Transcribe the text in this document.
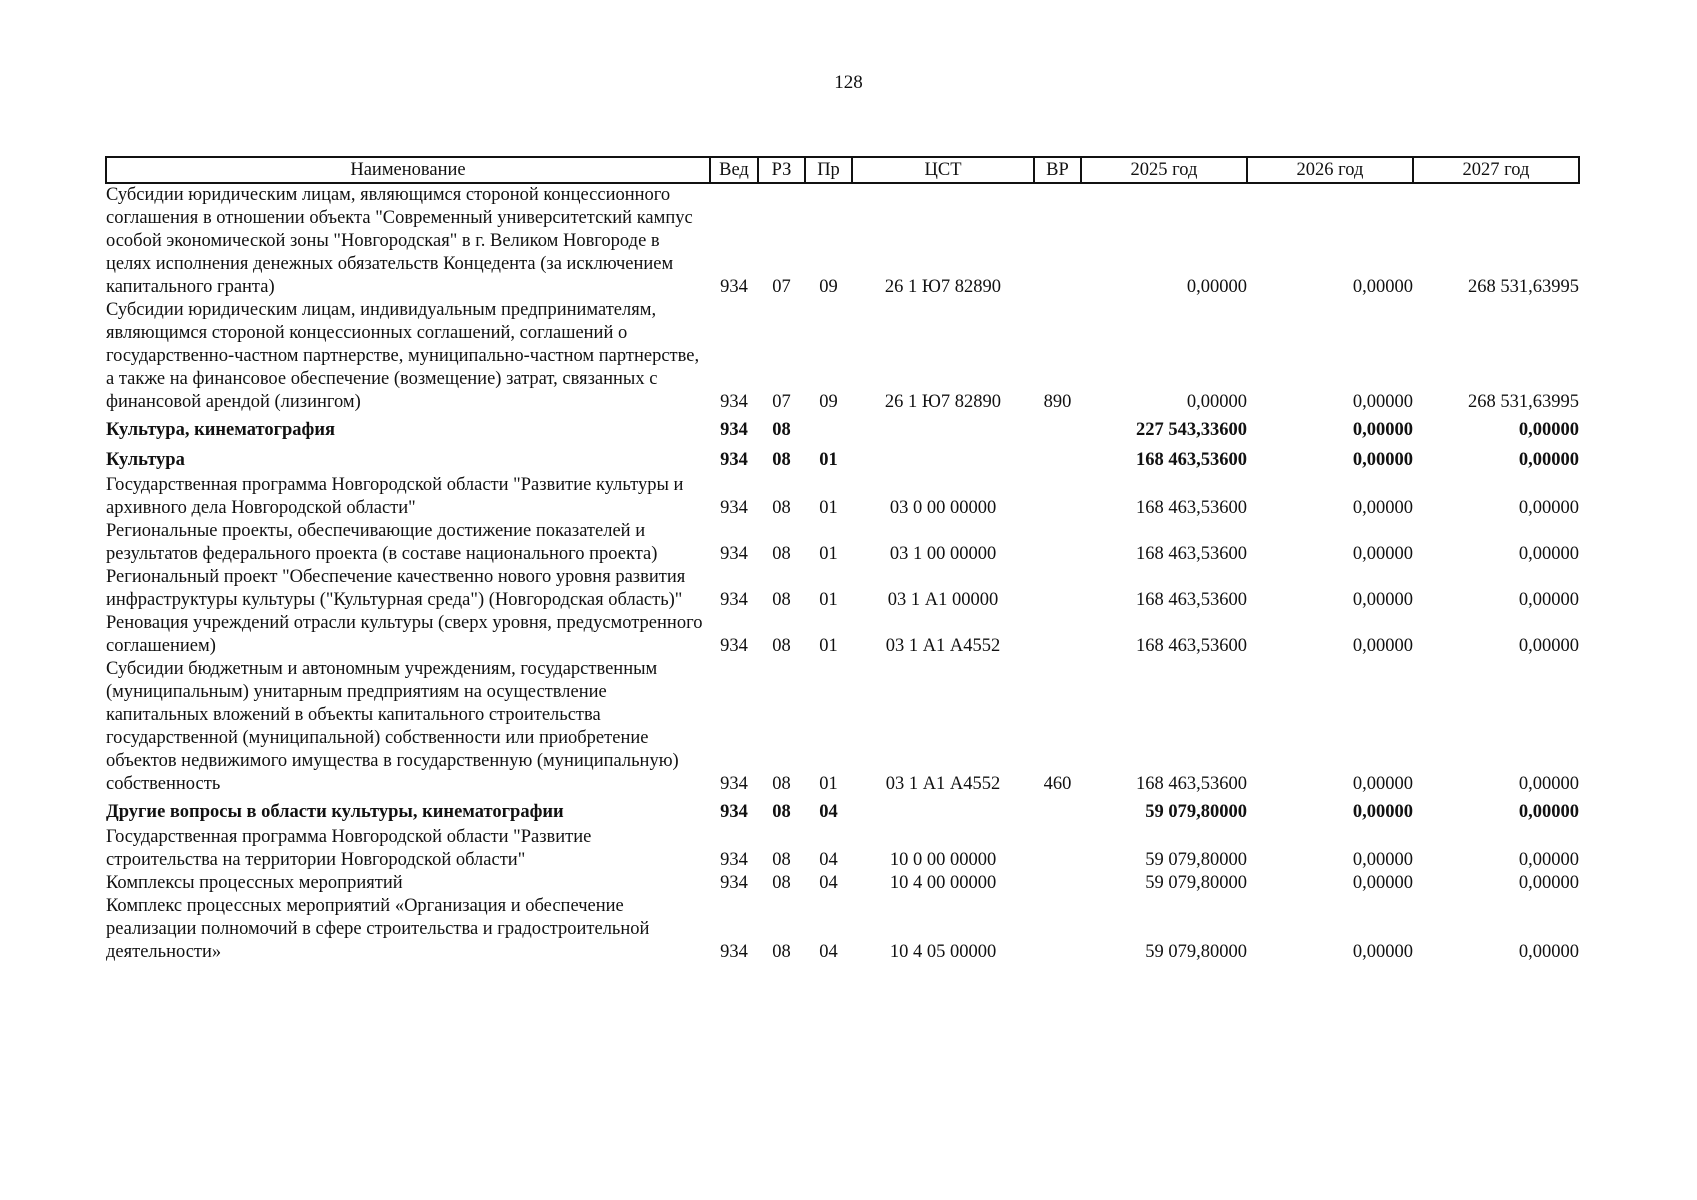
128
Наименование	Вед	РЗ	Пр	ЦСТ	ВР	2025 год	2026 год	2027 год
Субсидии юридическим лицам, являющимся стороной концессионного соглашения в отношении объекта "Современный университетский кампус особой экономической зоны "Новгородская" в г. Великом Новгороде в целях исполнения денежных обязательств Концедента (за исключением капитального гранта)	934	07	09	26 1 Ю7 82890		0,00000	0,00000	268 531,63995
Субсидии юридическим лицам, индивидуальным предпринимателям, являющимся стороной концессионных соглашений, соглашений о государственно-частном партнерстве, муниципально-частном партнерстве, а также на финансовое обеспечение (возмещение) затрат, связанных с финансовой арендой (лизингом)	934	07	09	26 1 Ю7 82890	890	0,00000	0,00000	268 531,63995
Культура, кинематография	934	08				227 543,33600	0,00000	0,00000
Культура	934	08	01			168 463,53600	0,00000	0,00000
Государственная программа Новгородской области "Развитие культуры и архивного дела Новгородской области"	934	08	01	03 0 00 00000		168 463,53600	0,00000	0,00000
Региональные проекты, обеспечивающие достижение показателей и результатов федерального проекта (в составе национального проекта)	934	08	01	03 1 00 00000		168 463,53600	0,00000	0,00000
Региональный проект "Обеспечение качественно нового уровня развития инфраструктуры культуры ("Культурная среда") (Новгородская область)"	934	08	01	03 1 А1 00000		168 463,53600	0,00000	0,00000
Реновация учреждений отрасли культуры (сверх уровня, предусмотренного соглашением)	934	08	01	03 1 А1 А4552		168 463,53600	0,00000	0,00000
Субсидии бюджетным и автономным учреждениям, государственным (муниципальным) унитарным предприятиям на осуществление капитальных вложений в объекты капитального строительства государственной (муниципальной) собственности или приобретение объектов недвижимого имущества в государственную (муниципальную) собственность	934	08	01	03 1 А1 А4552	460	168 463,53600	0,00000	0,00000
Другие вопросы в области культуры, кинематографии	934	08	04			59 079,80000	0,00000	0,00000
Государственная программа Новгородской области "Развитие строительства на территории Новгородской области"	934	08	04	10 0 00 00000		59 079,80000	0,00000	0,00000
Комплексы процессных мероприятий	934	08	04	10 4 00 00000		59 079,80000	0,00000	0,00000
Комплекс процессных мероприятий «Организация и обеспечение реализации полномочий в сфере строительства и градостроительной деятельности»	934	08	04	10 4 05 00000		59 079,80000	0,00000	0,00000
